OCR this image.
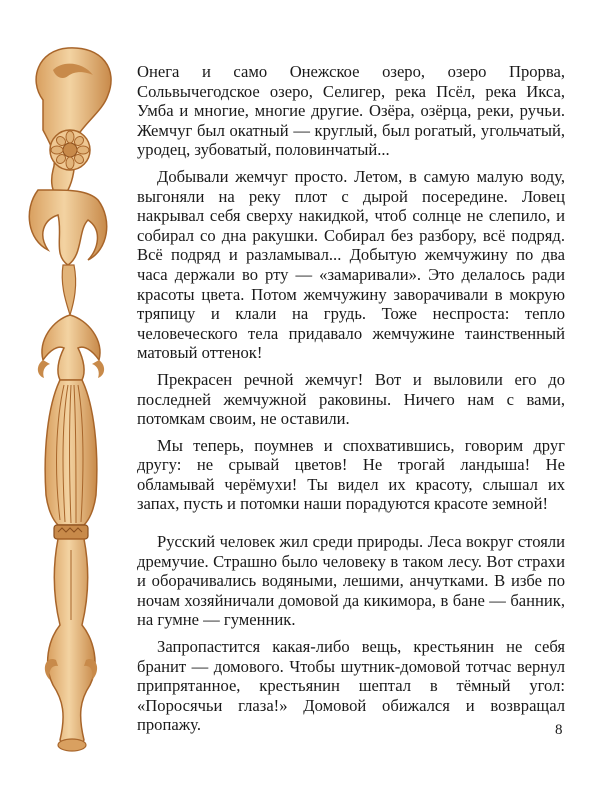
Онега и само Онежское озеро, озеро Прорва, Сольвычегодское озеро, Селигер, река Псёл, река Икса, Умба и многие, многие другие. Озёра, озёрца, реки, ручьи. Жемчуг был окатный — круглый, был рогатый, угольчатый, уродец, зубоватый, половинчатый...

Добывали жемчуг просто. Летом, в самую малую воду, выгоняли на реку плот с дырой посередине. Ловец накрывал себя сверху накидкой, чтоб солнце не слепило, и собирал со дна ракушки. Собирал без разбору, всё подряд. Всё подряд и разламывал... Добытую жемчужину по два часа держали во рту — «замаривали». Это делалось ради красоты цвета. Потом жемчужину заворачивали в мокрую тряпицу и клали на грудь. Тоже неспроста: тепло человеческого тела придавало жемчужине таинственный матовый оттенок!

Прекрасен речной жемчуг! Вот и выловили его до последней жемчужной раковины. Ничего нам с вами, потомкам своим, не оставили.

Мы теперь, поумнев и спохватившись, говорим друг другу: не срывай цветов! Не трогай ландыша! Не обламывай черёмухи! Ты видел их красоту, слышал их запах, пусть и потомки наши порадуются красоте земной!

Русский человек жил среди природы. Леса вокруг стояли дремучие. Страшно было человеку в таком лесу. Вот страхи и оборачивались водяными, лешими, анчутками. В избе по ночам хозяйничали домовой да кикимора, в бане — банник, на гумне — гуменник.

Запропастится какая-либо вещь, крестьянин не себя бранит — домового. Чтобы шутник-домовой тотчас вернул припрятанное, крестьянин шептал в тёмный угол: «Поросячьи глаза!» Домовой обижался и возвращал пропажу.	8
